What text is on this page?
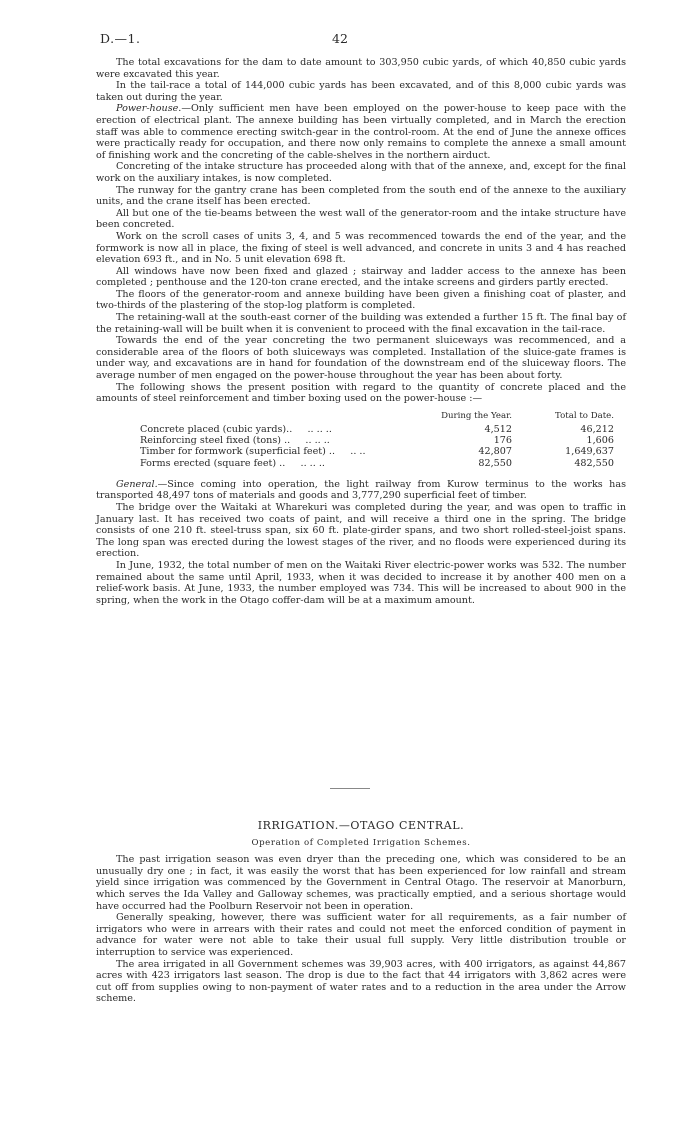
D.—1.	42

The total excavations for the dam to date amount to 303,950 cubic yards, of which 40,850 cubic yards were excavated this year.

In the tail-race a total of 144,000 cubic yards has been excavated, and of this 8,000 cubic yards was taken out during the year.

Power-house.—Only sufficient men have been employed on the power-house to keep pace with the erection of electrical plant. The annexe building has been virtually completed, and in March the erection staff was able to commence erecting switch-gear in the control-room. At the end of June the annexe offices were practically ready for occupation, and there now only remains to complete the annexe a small amount of finishing work and the concreting of the cable-shelves in the northern airduct.

Concreting of the intake structure has proceeded along with that of the annexe, and, except for the final work on the auxiliary intakes, is now completed.

The runway for the gantry crane has been completed from the south end of the annexe to the auxiliary units, and the crane itself has been erected.

All but one of the tie-beams between the west wall of the generator-room and the intake structure have been concreted.

Work on the scroll cases of units 3, 4, and 5 was recommenced towards the end of the year, and the formwork is now all in place, the fixing of steel is well advanced, and concrete in units 3 and 4 has reached elevation 693 ft., and in No. 5 unit elevation 698 ft.

All windows have now been fixed and glazed ; stairway and ladder access to the annexe has been completed ; penthouse and the 120-ton crane erected, and the intake screens and girders partly erected.

The floors of the generator-room and annexe building have been given a finishing coat of plaster, and two-thirds of the plastering of the stop-log platform is completed.

The retaining-wall at the south-east corner of the building was extended a further 15 ft. The final bay of the retaining-wall will be built when it is convenient to proceed with the final excavation in the tail-race.

Towards the end of the year concreting the two permanent sluiceways was recommenced, and a considerable area of the floors of both sluiceways was completed. Installation of the sluice-gate frames is under way, and excavations are in hand for foundation of the downstream end of the sluiceway floors. The average number of men engaged on the power-house throughout the year has been about forty.

The following shows the present position with regard to the quantity of concrete placed and the amounts of steel reinforcement and timber boxing used on the power-house :—

	During the Year.	Total to Date.
Concrete placed (cubic yards).. .. .. ..	4,512	46,212
Reinforcing steel fixed (tons) .. .. .. ..	176	1,606
Timber for formwork (superficial feet) .. .. ..	42,807	1,649,637
Forms erected (square feet) .. .. .. ..	82,550	482,550

General.—Since coming into operation, the light railway from Kurow terminus to the works has transported 48,497 tons of materials and goods and 3,777,290 superficial feet of timber.

The bridge over the Waitaki at Wharekuri was completed during the year, and was open to traffic in January last. It has received two coats of paint, and will receive a third one in the spring. The bridge consists of one 210 ft. steel-truss span, six 60 ft. plate-girder spans, and two short rolled-steel-joist spans. The long span was erected during the lowest stages of the river, and no floods were experienced during its erection.

In June, 1932, the total number of men on the Waitaki River electric-power works was 532. The number remained about the same until April, 1933, when it was decided to increase it by another 400 men on a relief-work basis. At June, 1933, the number employed was 734. This will be increased to about 900 in the spring, when the work in the Otago coffer-dam will be at a maximum amount.

IRRIGATION.—OTAGO CENTRAL.
Operation of Completed Irrigation Schemes.

The past irrigation season was even dryer than the preceding one, which was considered to be an unusually dry one ; in fact, it was easily the worst that has been experienced for low rainfall and stream yield since irrigation was commenced by the Government in Central Otago. The reservoir at Manorburn, which serves the Ida Valley and Galloway schemes, was practically emptied, and a serious shortage would have occurred had the Poolburn Reservoir not been in operation.

Generally speaking, however, there was sufficient water for all requirements, as a fair number of irrigators who were in arrears with their rates and could not meet the enforced condition of payment in advance for water were not able to take their usual full supply. Very little distribution trouble or interruption to service was experienced.

The area irrigated in all Government schemes was 39,903 acres, with 400 irrigators, as against 44,867 acres with 423 irrigators last season. The drop is due to the fact that 44 irrigators with 3,862 acres were cut off from supplies owing to non-payment of water rates and to a reduction in the area under the Arrow scheme.
